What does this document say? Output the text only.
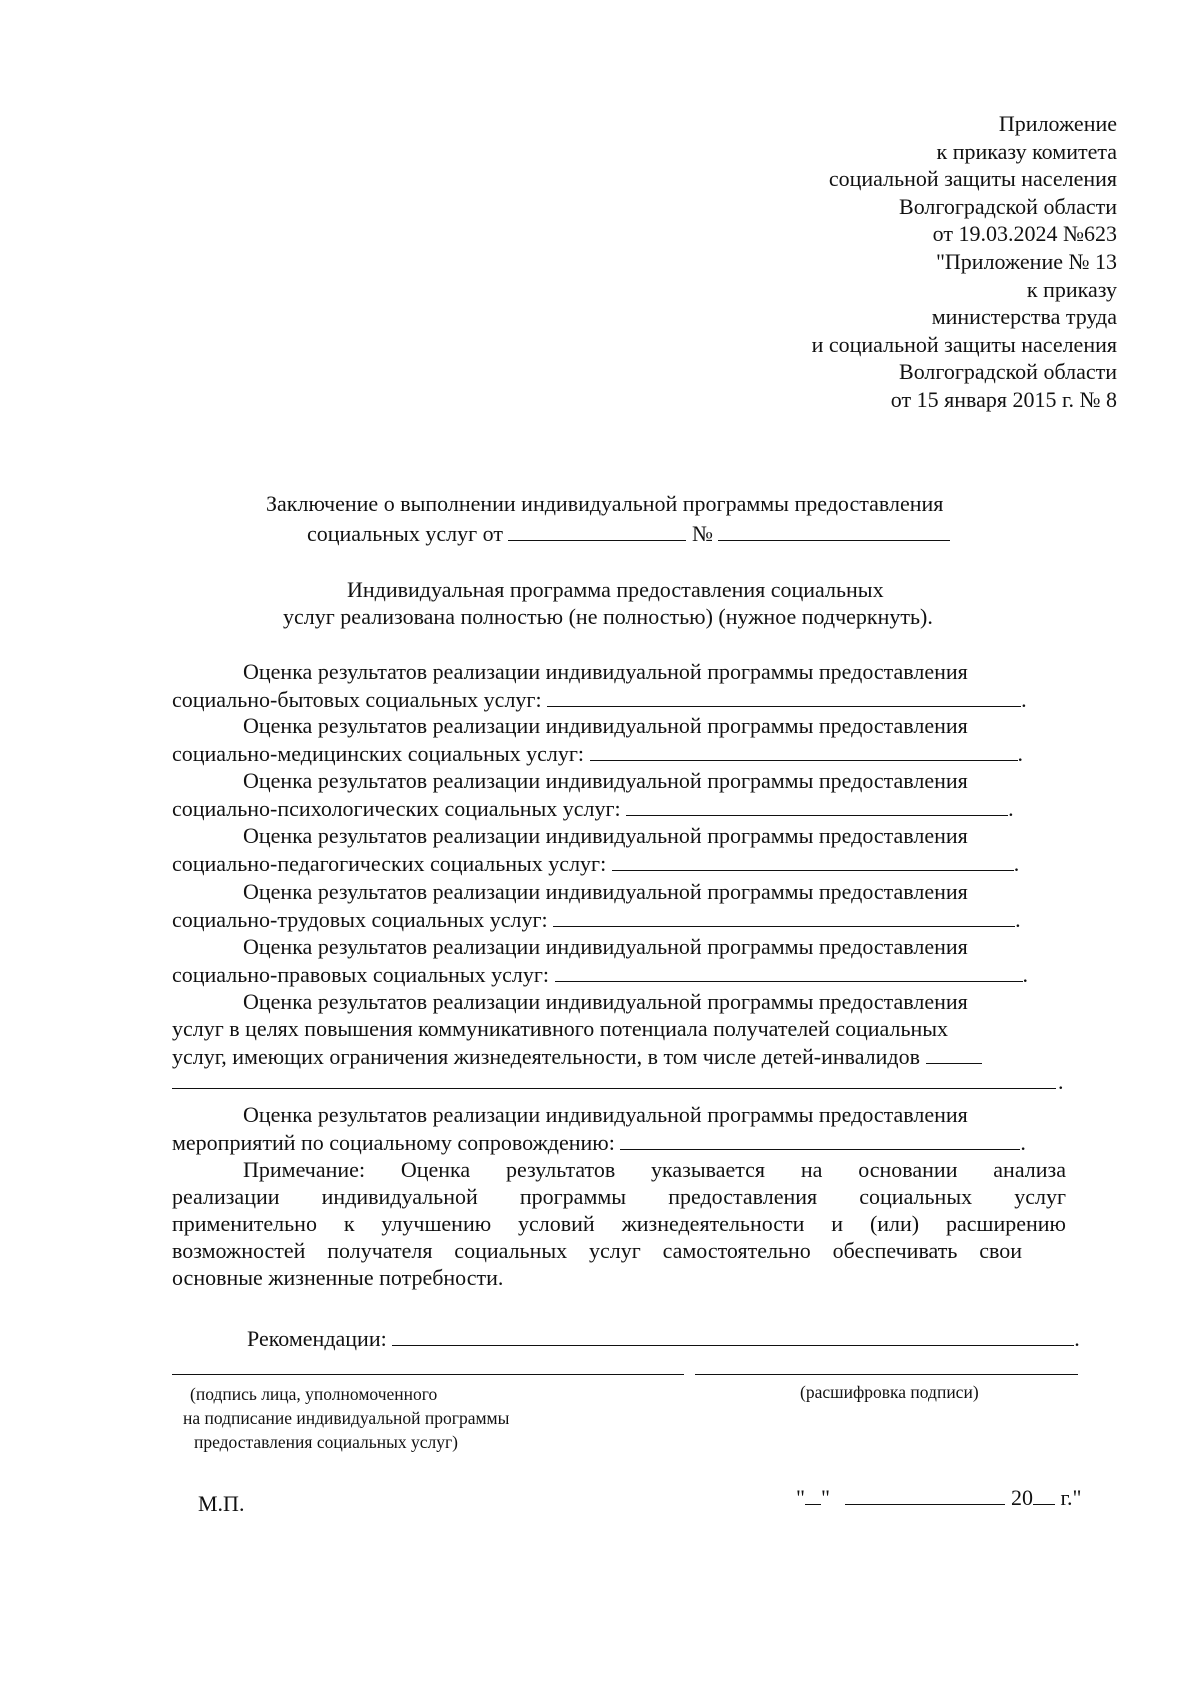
Приложение
к приказу комитета
социальной защиты населения
Волгоградской области
от 19.03.2024 №623
"Приложение № 13
к приказу
министерства труда
и социальной защиты населения
Волгоградской области
от 15 января 2015 г. № 8
Заключение о выполнении индивидуальной программы предоставления
социальных услуг от	№
Индивидуальная программа предоставления социальных
услуг реализована полностью (не полностью) (нужное подчеркнуть).
Оценка результатов реализации индивидуальной программы предоставления
социально-бытовых социальных услуг:	.
Оценка результатов реализации индивидуальной программы предоставления
социально-медицинских социальных услуг:	.
Оценка результатов реализации индивидуальной программы предоставления
социально-психологических социальных услуг:	.
Оценка результатов реализации индивидуальной программы предоставления
социально-педагогических социальных услуг:	.
Оценка результатов реализации индивидуальной программы предоставления
социально-трудовых социальных услуг:	.
Оценка результатов реализации индивидуальной программы предоставления
социально-правовых социальных услуг:	.
Оценка результатов реализации индивидуальной программы предоставления
услуг в целях повышения коммуникативного потенциала получателей социальных
услуг, имеющих ограничения жизнедеятельности, в том числе детей-инвалидов
.
Оценка результатов реализации индивидуальной программы предоставления
мероприятий по социальному сопровождению:	.
Примечание: Оценка результатов указывается на основании анализа
реализации индивидуальной программы предоставления социальных услуг
применительно к улучшению условий жизнедеятельности и (или) расширению
возможностей получателя социальных услуг самостоятельно обеспечивать свои
основные жизненные потребности.
Рекомендации:	.
(подпись лица, уполномоченного
на подписание индивидуальной программы
предоставления социальных услуг)
(расшифровка подписи)
М.П.	" "	20 г."
